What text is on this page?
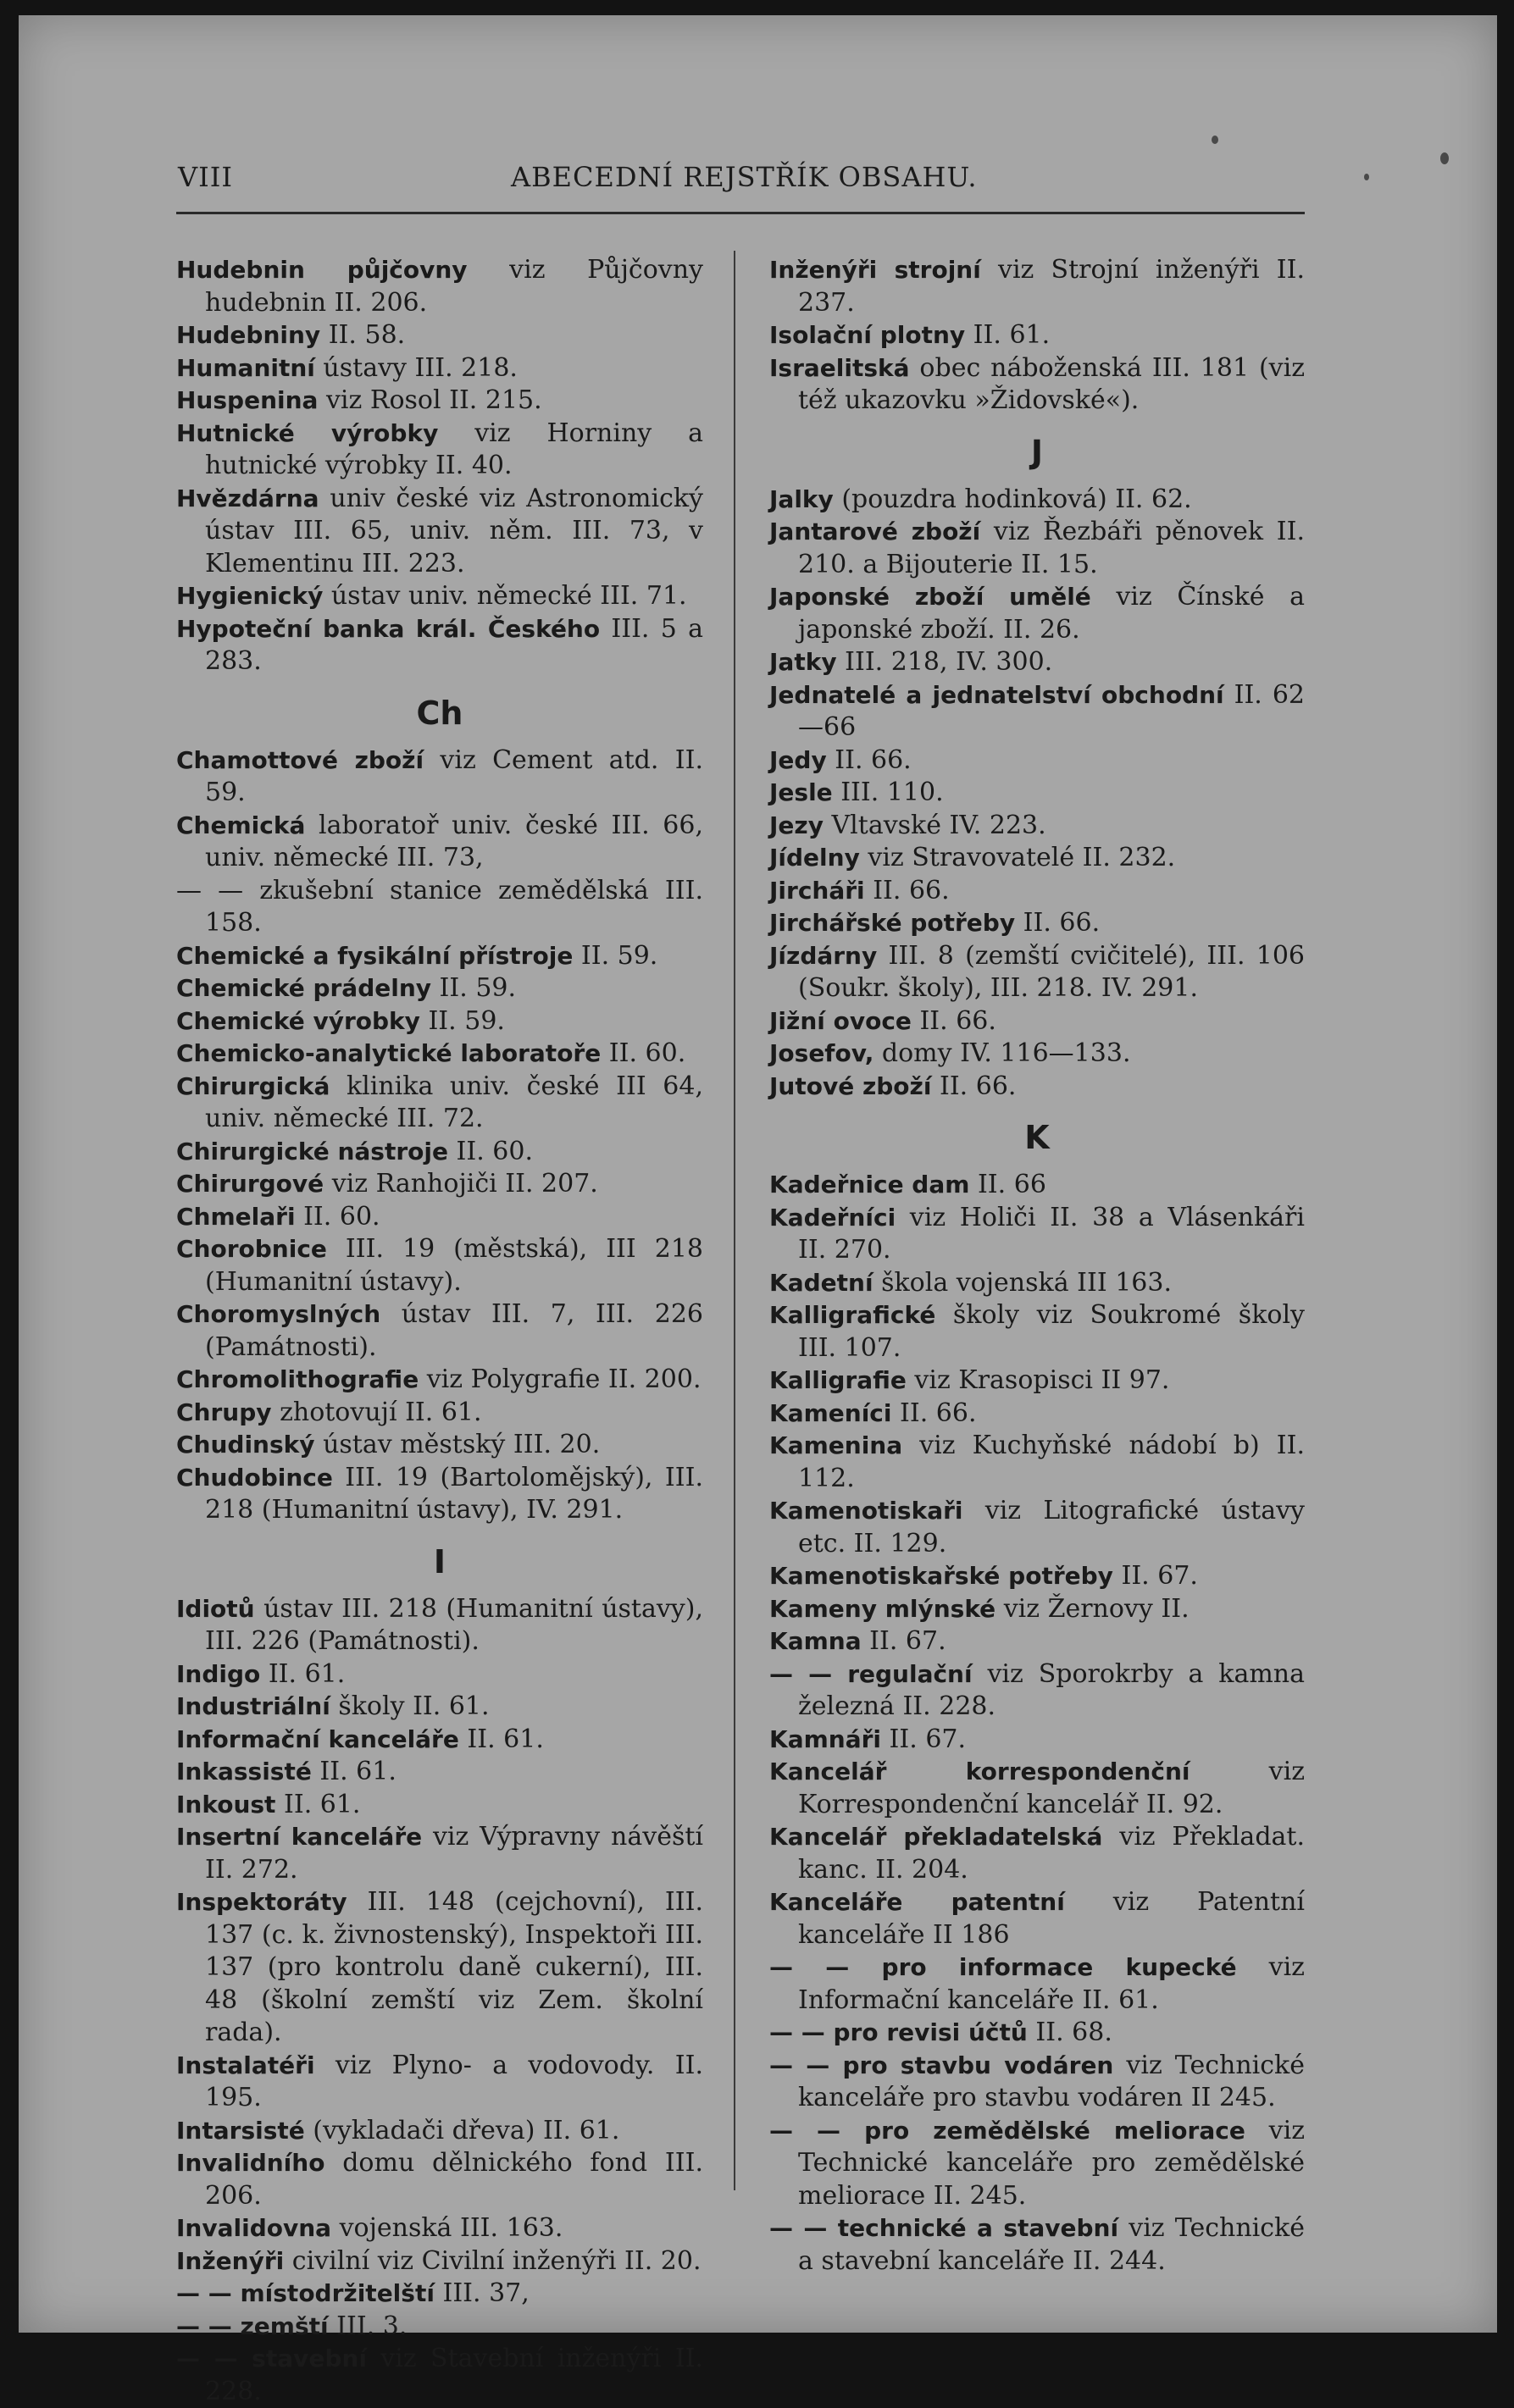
VIII	ABECEDNÍ REJSTŘÍK OBSAHU.

Hudebnin půjčovny viz Půjčovny hudebnin II. 206.

Hudebniny II. 58.

Humanitní ústavy III. 218.

Huspenina viz Rosol II. 215.

Hutnické výrobky viz Horniny a hutnické výrobky II. 40.

Hvězdárna univ české viz Astronomický ústav III. 65, univ. něm. III. 73, v Klementinu III. 223.

Hygienický ústav univ. německé III. 71.

Hypoteční banka král. Českého III. 5 a 283.

Ch

Chamottové zboží viz Cement atd. II. 59.

Chemická laboratoř univ. české III. 66, univ. německé III. 73,

— — zkušební stanice zemědělská III. 158.

Chemické a fysikální přístroje II. 59.

Chemické prádelny II. 59.

Chemické výrobky II. 59.

Chemicko-analytické laboratoře II. 60.

Chirurgická klinika univ. české III 64, univ. německé III. 72.

Chirurgické nástroje II. 60.

Chirurgové viz Ranhojiči II. 207.

Chmelaři II. 60.

Chorobnice III. 19 (městská), III 218 (Humanitní ústavy).

Choromyslných ústav III. 7, III. 226 (Památnosti).

Chromolithografie viz Polygrafie II. 200.

Chrupy zhotovují II. 61.

Chudinský ústav městský III. 20.

Chudobince III. 19 (Bartolomějský), III. 218 (Humanitní ústavy), IV. 291.

I

Idiotů ústav III. 218 (Humanitní ústavy), III. 226 (Památnosti).

Indigo II. 61.

Industriální školy II. 61.

Informační kanceláře II. 61.

Inkassisté II. 61.

Inkoust II. 61.

Insertní kanceláře viz Výpravny návěští II. 272.

Inspektoráty III. 148 (cejchovní), III. 137 (c. k. živnostenský), Inspektoři III. 137 (pro kontrolu daně cukerní), III. 48 (školní zemští viz Zem. školní rada).

Instalatéři viz Plyno- a vodovody. II. 195.

Intarsisté (vykladači dřeva) II. 61.

Invalidního domu dělnického fond III. 206.

Invalidovna vojenská III. 163.

Inženýři civilní viz Civilní inženýři II. 20.

— — místodržitelští III. 37,

— — zemští III. 3.

— — stavební viz Stavební inženýři II. 228.

Inženýři strojní viz Strojní inženýři II. 237.

Isolační plotny II. 61.

Israelitská obec náboženská III. 181 (viz též ukazovku »Židovské«).

J

Jalky (pouzdra hodinková) II. 62.

Jantarové zboží viz Řezbáři pěnovek II. 210. a Bijouterie II. 15.

Japonské zboží umělé viz Čínské a japonské zboží. II. 26.

Jatky III. 218, IV. 300.

Jednatelé a jednatelství obchodní II. 62—66

Jedy II. 66.

Jesle III. 110.

Jezy Vltavské IV. 223.

Jídelny viz Stravovatelé II. 232.

Jircháři II. 66.

Jirchářské potřeby II. 66.

Jízdárny III. 8 (zemští cvičitelé), III. 106 (Soukr. školy), III. 218. IV. 291.

Jižní ovoce II. 66.

Josefov, domy IV. 116—133.

Jutové zboží II. 66.

K

Kadeřnice dam II. 66

Kadeřníci viz Holiči II. 38 a Vlásenkáři II. 270.

Kadetní škola vojenská III 163.

Kalligrafické školy viz Soukromé školy III. 107.

Kalligrafie viz Krasopisci II 97.

Kameníci II. 66.

Kamenina viz Kuchyňské nádobí b) II. 112.

Kamenotiskaři viz Litografické ústavy etc. II. 129.

Kamenotiskařské potřeby II. 67.

Kameny mlýnské viz Žernovy II.

Kamna II. 67.

— — regulační viz Sporokrby a kamna železná II. 228.

Kamnáři II. 67.

Kancelář korrespondenční viz Korrespondenční kancelář II. 92.

Kancelář překladatelská viz Překladat. kanc. II. 204.

Kanceláře patentní viz Patentní kanceláře II 186

— — pro informace kupecké viz Informační kanceláře II. 61.

— — pro revisi účtů II. 68.

— — pro stavbu vodáren viz Technické kanceláře pro stavbu vodáren II 245.

— — pro zemědělské meliorace viz Technické kanceláře pro zemědělské meliorace II. 245.

— — technické a stavební viz Technické a stavební kanceláře II. 244.
